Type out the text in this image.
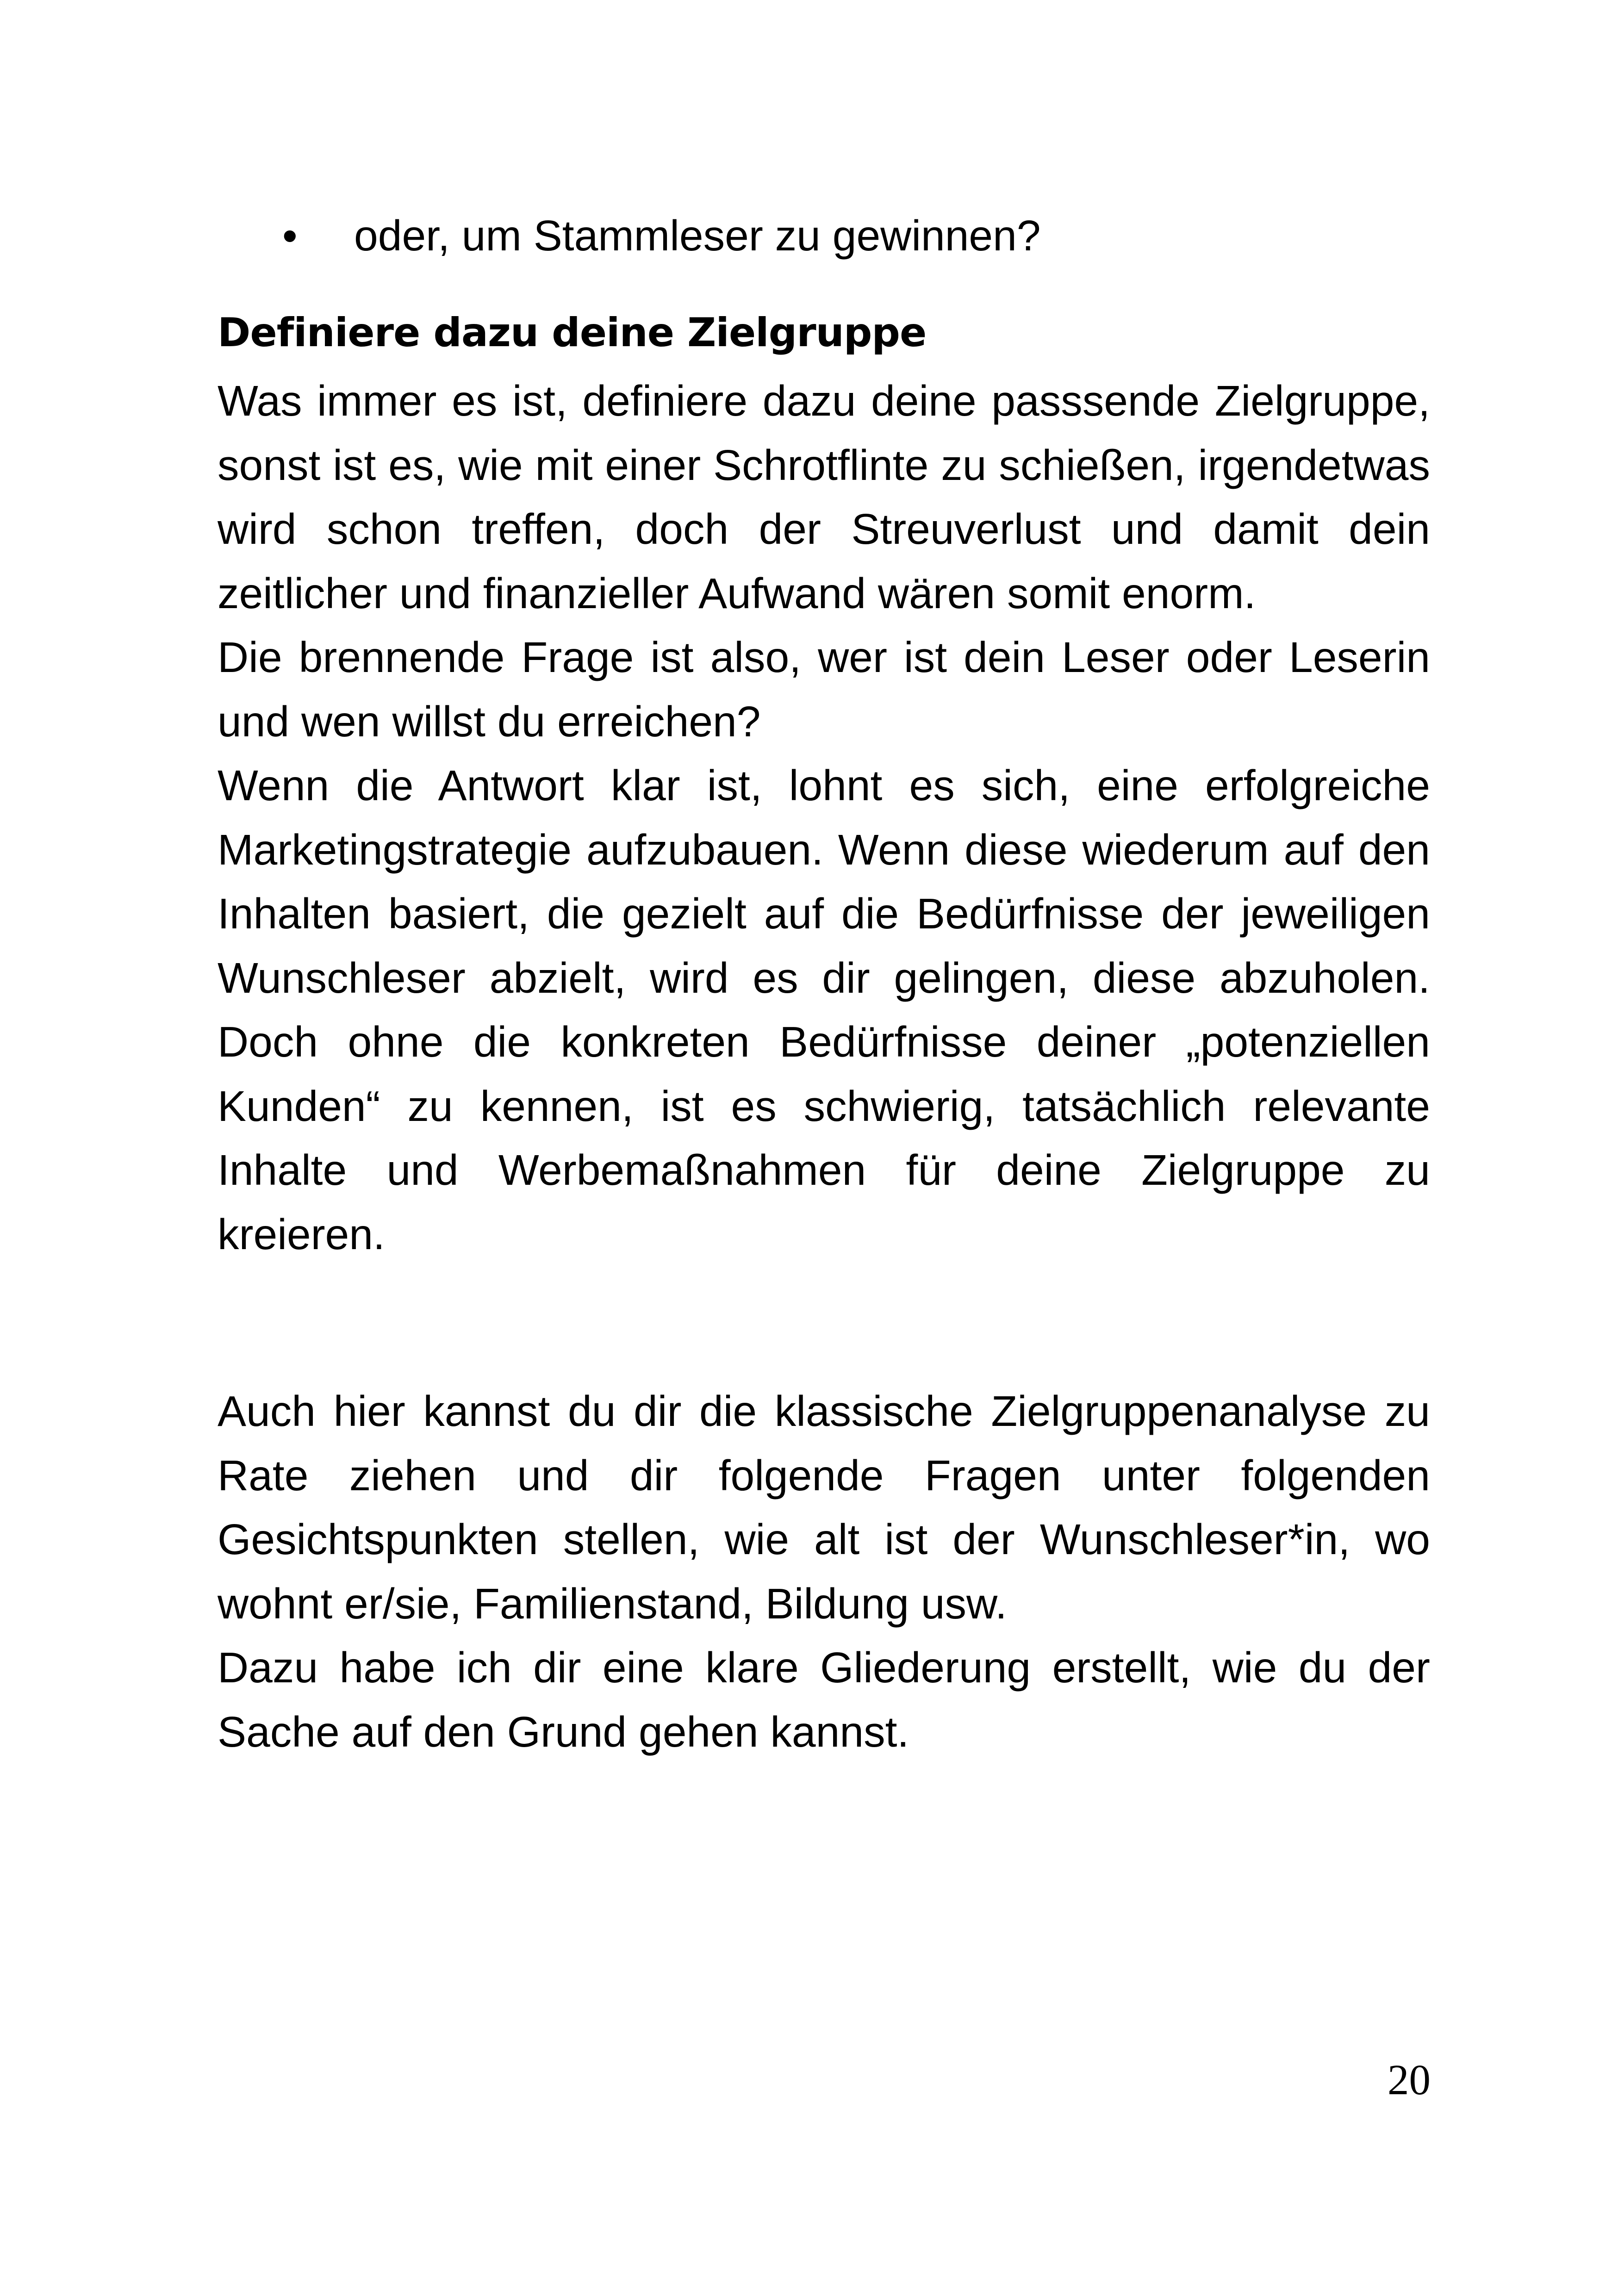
• oder, um Stammleser zu gewinnen?
Definiere dazu deine Zielgruppe

Was immer es ist, definiere dazu deine passsende Zielgruppe, sonst ist es, wie mit einer Schrotflinte zu schießen, irgendetwas wird schon treffen, doch der Streuverlust und damit dein zeitlicher und finanzieller Aufwand wären somit enorm.

Die brennende Frage ist also, wer ist dein Leser oder Leserin und wen willst du erreichen?

Wenn die Antwort klar ist, lohnt es sich, eine erfolgreiche Marketingstrategie aufzubauen. Wenn diese wiederum auf den Inhalten basiert, die gezielt auf die Bedürfnisse der jeweiligen Wunschleser abzielt, wird es dir gelingen, diese abzuholen. Doch ohne die konkreten Bedürfnisse deiner „potenziellen Kunden“ zu kennen, ist es schwierig, tatsächlich relevante Inhalte und Werbemaßnahmen für deine Zielgruppe zu kreieren.

Auch hier kannst du dir die klassische Zielgruppenanalyse zu Rate ziehen und dir folgende Fragen unter folgenden Gesichtspunkten stellen, wie alt ist der Wunschleser*in, wo wohnt er/sie, Familienstand, Bildung usw.

Dazu habe ich dir eine klare Gliederung erstellt, wie du der Sache auf den Grund gehen kannst.

20
